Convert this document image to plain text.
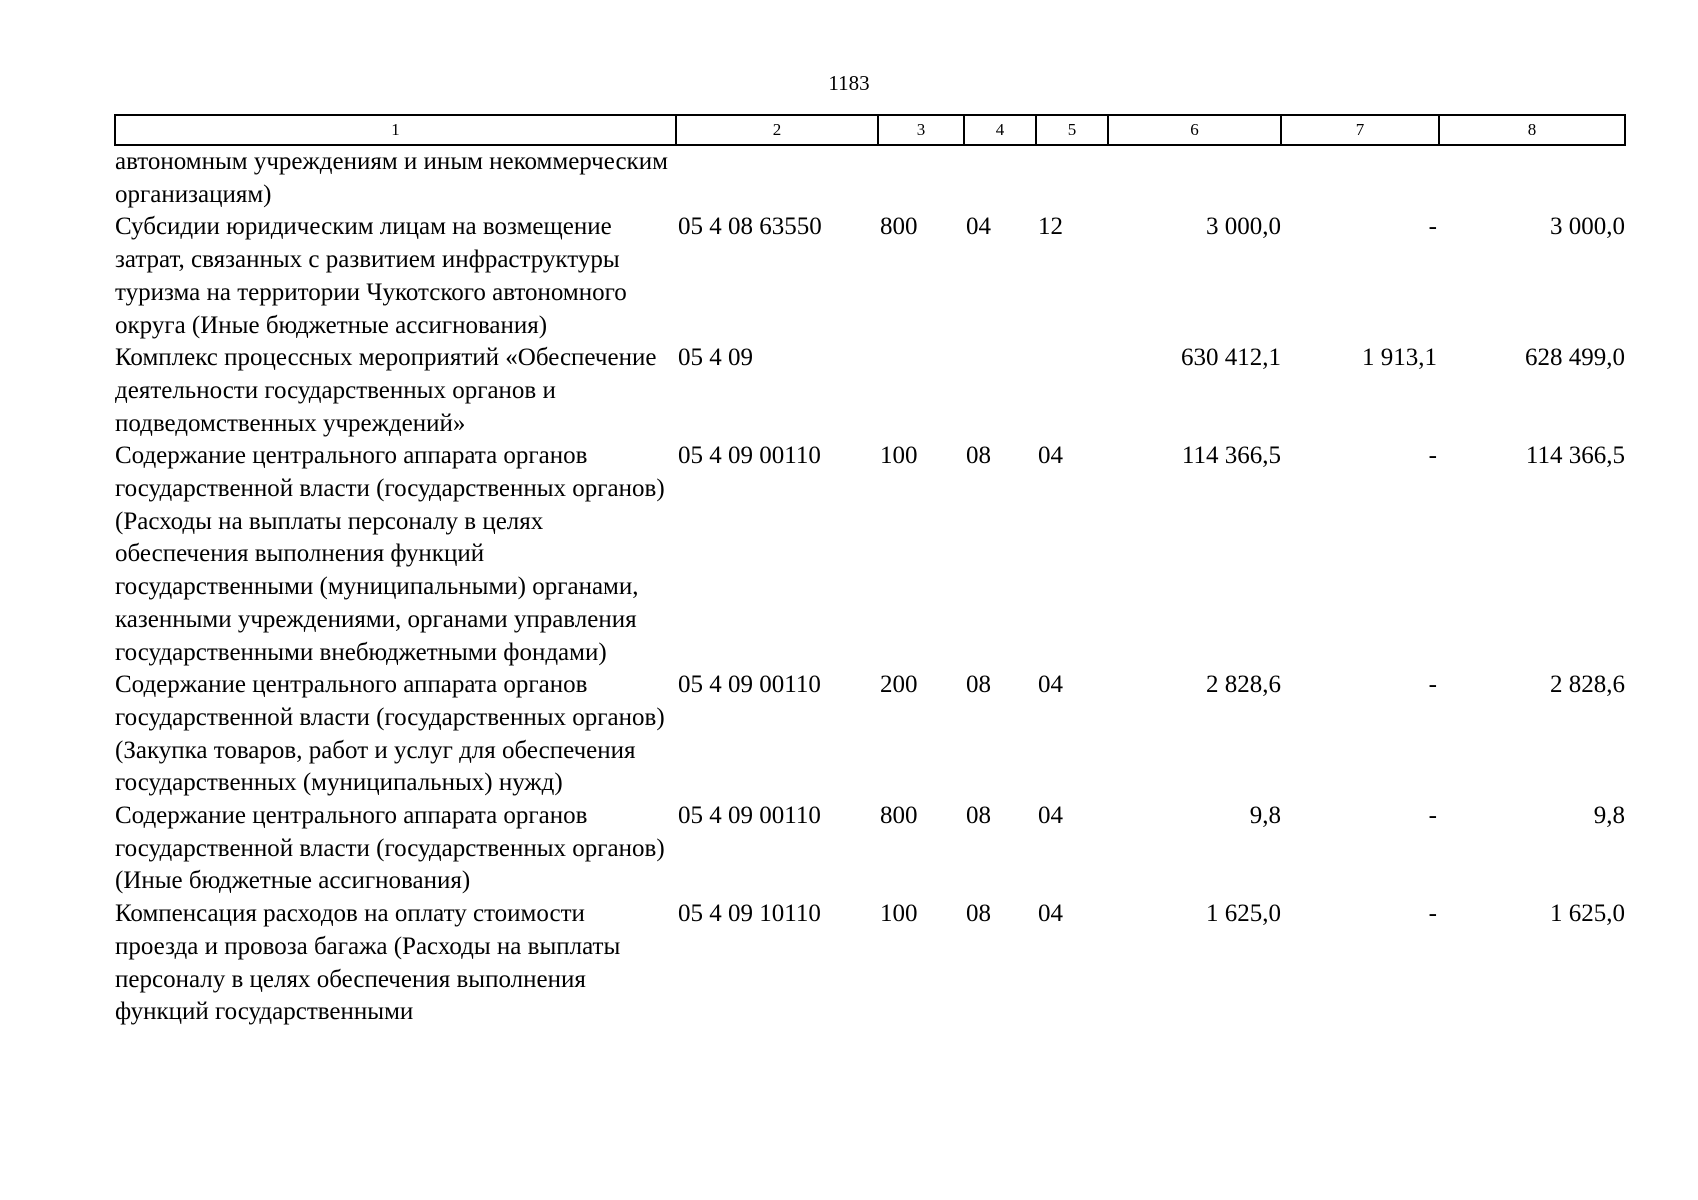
1183
1	2	3	4	5	6	7	8
автономным учреждениям и иным некоммерческим организациям)							
Субсидии юридическим лицам на возмещение затрат, связанных с развитием инфраструктуры туризма на территории Чукотского автономного округа (Иные бюджетные ассигнования)	05 4 08 63550	800	04	12	3 000,0	-	3 000,0
Комплекс процессных мероприятий «Обеспечение деятельности государственных органов и подведомственных учреждений»	05 4 09				630 412,1	1 913,1	628 499,0
Содержание центрального аппарата органов государственной власти (государственных органов) (Расходы на выплаты персоналу в целях обеспечения выполнения функций государственными (муниципальными) органами, казенными учреждениями, органами управления государственными внебюджетными фондами)	05 4 09 00110	100	08	04	114 366,5	-	114 366,5
Содержание центрального аппарата органов государственной власти (государственных органов) (Закупка товаров, работ и услуг для обеспечения государственных (муниципальных) нужд)	05 4 09 00110	200	08	04	2 828,6	-	2 828,6
Содержание центрального аппарата органов государственной власти (государственных органов) (Иные бюджетные ассигнования)	05 4 09 00110	800	08	04	9,8	-	9,8
Компенсация расходов на оплату стоимости проезда и провоза багажа (Расходы на выплаты персоналу в целях обеспечения выполнения функций государственными	05 4 09 10110	100	08	04	1 625,0	-	1 625,0
